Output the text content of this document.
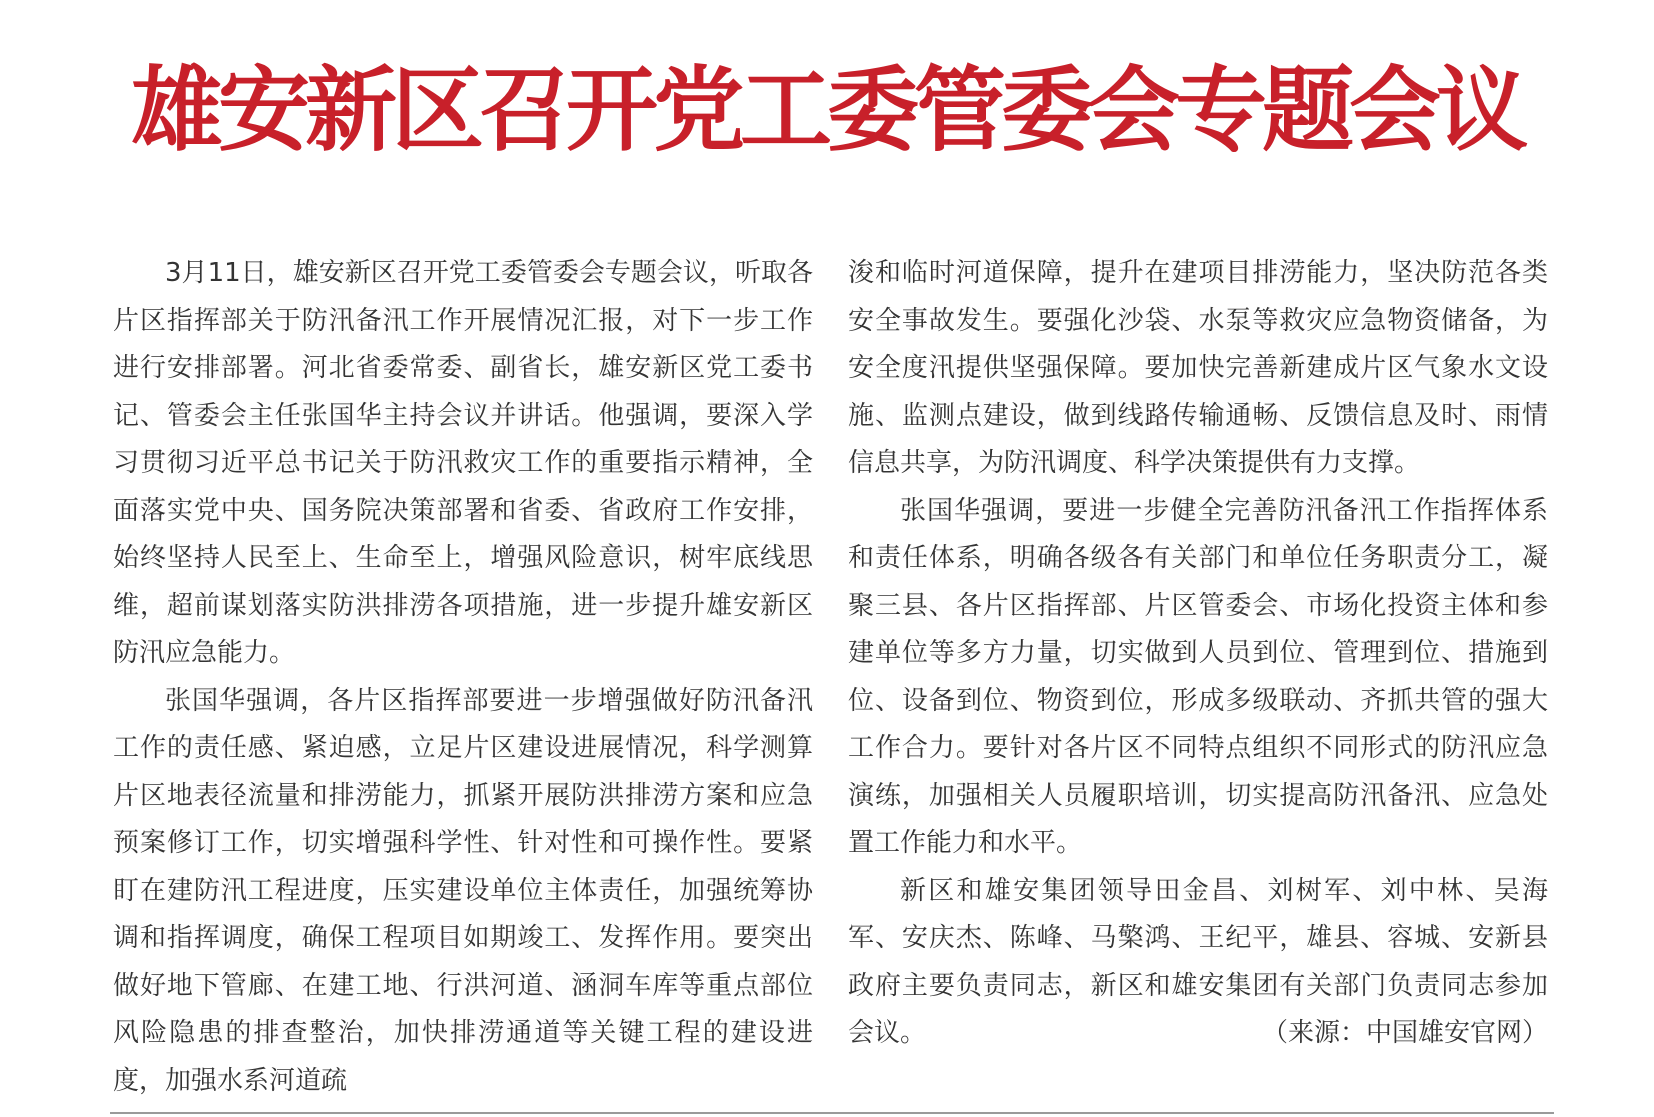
雄安新区召开党工委管委会专题会议

3月11日，雄安新区召开党工委管委会专题会议，听取各片区指挥部关于防汛备汛工作开展情况汇报，对下一步工作进行安排部署。河北省委常委、副省长，雄安新区党工委书记、管委会主任张国华主持会议并讲话。他强调，要深入学习贯彻习近平总书记关于防汛救灾工作的重要指示精神，全面落实党中央、国务院决策部署和省委、省政府工作安排，始终坚持人民至上、生命至上，增强风险意识，树牢底线思维，超前谋划落实防洪排涝各项措施，进一步提升雄安新区防汛应急能力。

张国华强调，各片区指挥部要进一步增强做好防汛备汛工作的责任感、紧迫感，立足片区建设进展情况，科学测算片区地表径流量和排涝能力，抓紧开展防洪排涝方案和应急预案修订工作，切实增强科学性、针对性和可操作性。要紧盯在建防汛工程进度，压实建设单位主体责任，加强统筹协调和指挥调度，确保工程项目如期竣工、发挥作用。要突出做好地下管廊、在建工地、行洪河道、涵洞车库等重点部位风险隐患的排查整治，加快排涝通道等关键工程的建设进度，加强水系河道疏

浚和临时河道保障，提升在建项目排涝能力，坚决防范各类安全事故发生。要强化沙袋、水泵等救灾应急物资储备，为安全度汛提供坚强保障。要加快完善新建成片区气象水文设施、监测点建设，做到线路传输通畅、反馈信息及时、雨情信息共享，为防汛调度、科学决策提供有力支撑。

张国华强调，要进一步健全完善防汛备汛工作指挥体系和责任体系，明确各级各有关部门和单位任务职责分工，凝聚三县、各片区指挥部、片区管委会、市场化投资主体和参建单位等多方力量，切实做到人员到位、管理到位、措施到位、设备到位、物资到位，形成多级联动、齐抓共管的强大工作合力。要针对各片区不同特点组织不同形式的防汛应急演练，加强相关人员履职培训，切实提高防汛备汛、应急处置工作能力和水平。

新区和雄安集团领导田金昌、刘树军、刘中林、吴海军、安庆杰、陈峰、马檠鸿、王纪平，雄县、容城、安新县政府主要负责同志，新区和雄安集团有关部门负责同志参加会议。	（来源：中国雄安官网）
